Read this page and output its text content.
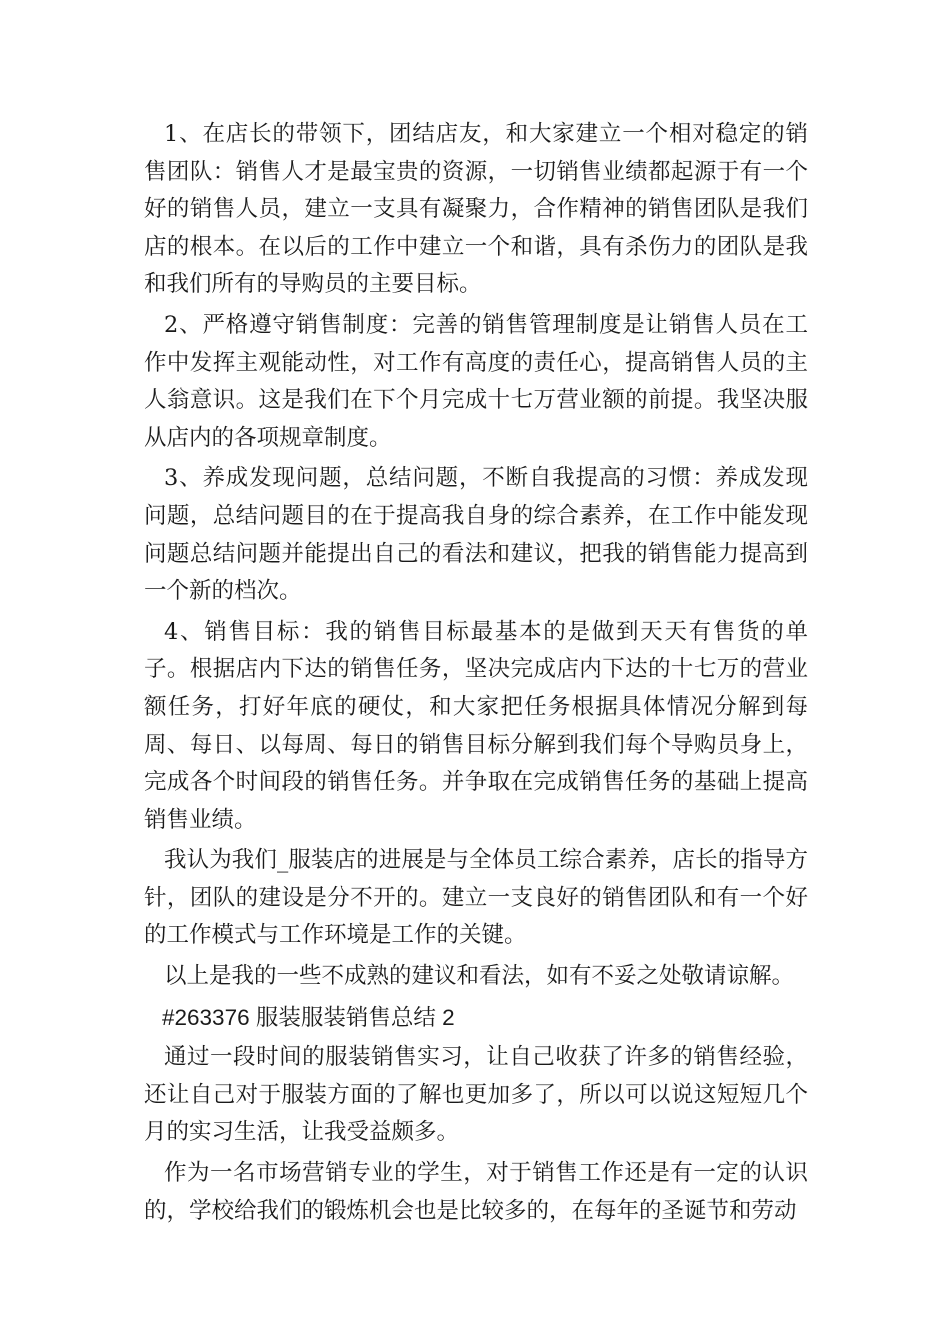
1、在店长的带领下，团结店友，和大家建立一个相对稳定的销售团队：销售人才是最宝贵的资源，一切销售业绩都起源于有一个好的销售人员，建立一支具有凝聚力，合作精神的销售团队是我们店的根本。在以后的工作中建立一个和谐，具有杀伤力的团队是我和我们所有的导购员的主要目标。

2、严格遵守销售制度：完善的销售管理制度是让销售人员在工作中发挥主观能动性，对工作有高度的责任心，提高销售人员的主人翁意识。这是我们在下个月完成十七万营业额的前提。我坚决服从店内的各项规章制度。

3、养成发现问题，总结问题，不断自我提高的习惯：养成发现问题，总结问题目的在于提高我自身的综合素养，在工作中能发现问题总结问题并能提出自己的看法和建议，把我的销售能力提高到一个新的档次。

4、销售目标：我的销售目标最基本的是做到天天有售货的单子。根据店内下达的销售任务，坚决完成店内下达的十七万的营业额任务，打好年底的硬仗，和大家把任务根据具体情况分解到每周、每日、以每周、每日的销售目标分解到我们每个导购员身上，完成各个时间段的销售任务。并争取在完成销售任务的基础上提高销售业绩。

我认为我们_服装店的进展是与全体员工综合素养，店长的指导方针，团队的建设是分不开的。建立一支良好的销售团队和有一个好的工作模式与工作环境是工作的关键。

以上是我的一些不成熟的建议和看法，如有不妥之处敬请谅解。

#263376 服装服装销售总结 2

通过一段时间的服装销售实习，让自己收获了许多的销售经验，还让自己对于服装方面的了解也更加多了，所以可以说这短短几个月的实习生活，让我受益颇多。

作为一名市场营销专业的学生，对于销售工作还是有一定的认识的，学校给我们的锻炼机会也是比较多的，在每年的圣诞节和劳动
